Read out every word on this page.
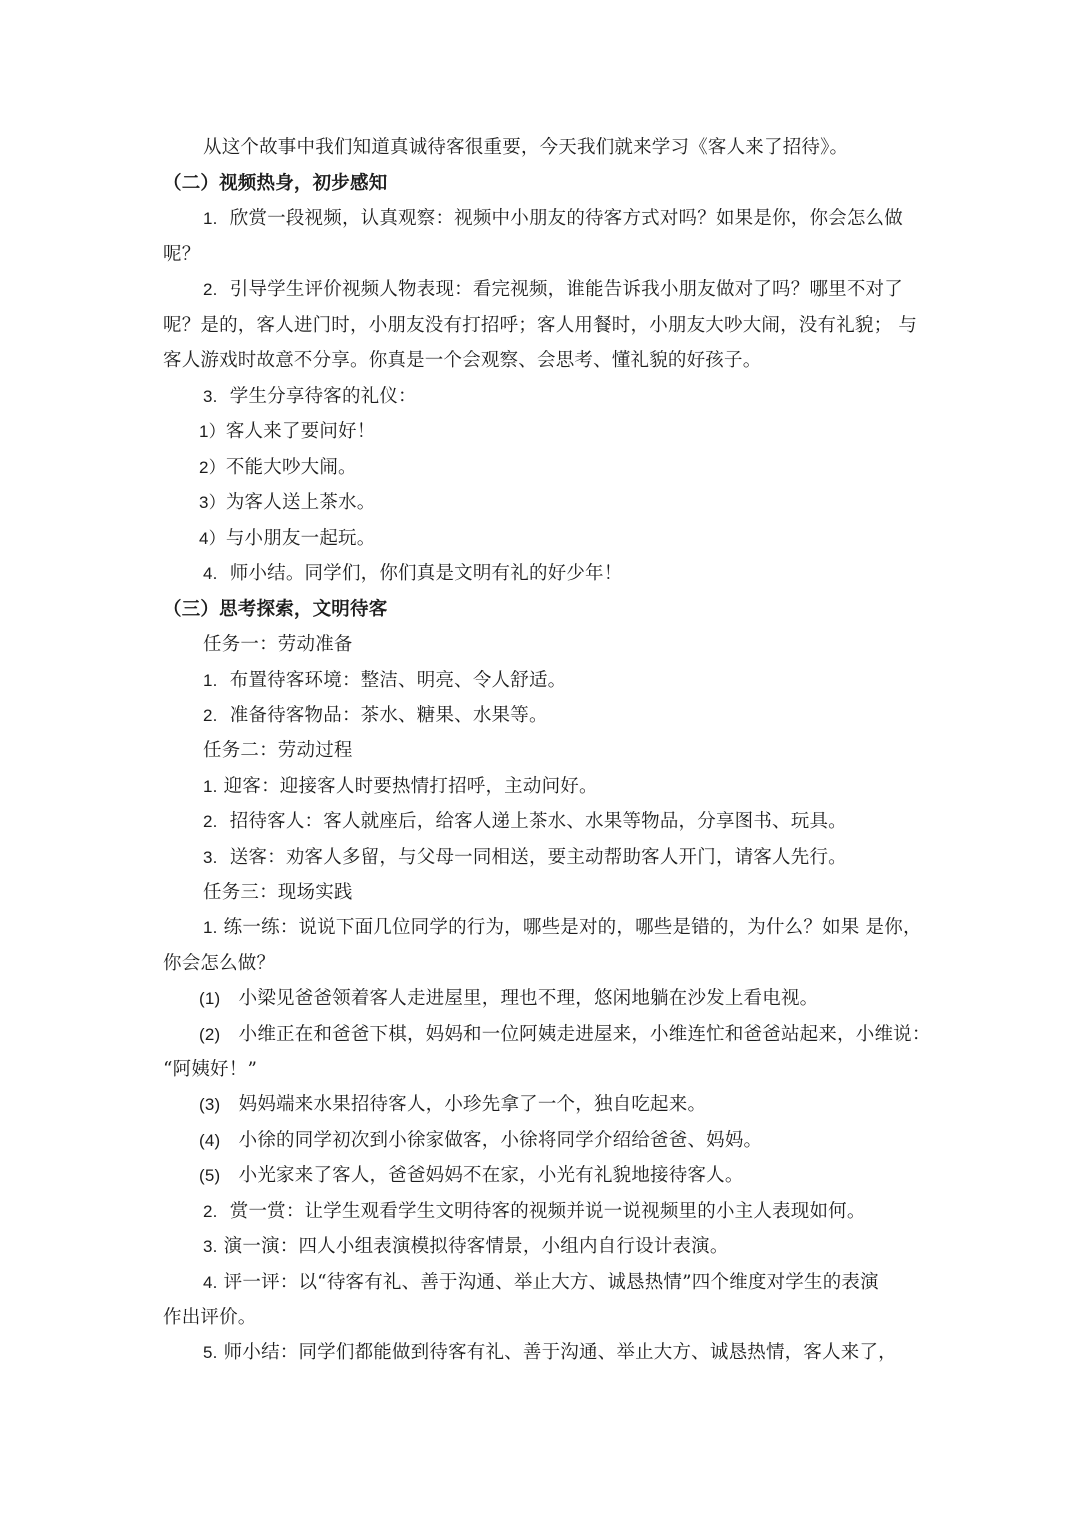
从这个故事中我们知道真诚待客很重要，今天我们就来学习《客人来了招待》。
（二）视频热身，初步感知
1. 欣赏一段视频，认真观察：视频中小朋友的待客方式对吗？如果是你，你会怎么做
呢？
2. 引导学生评价视频人物表现：看完视频，谁能告诉我小朋友做对了吗？哪里不对了
呢？是的，客人进门时，小朋友没有打招呼；客人用餐时，小朋友大吵大闹，没有礼貌； 与
客人游戏时故意不分享。你真是一个会观察、会思考、懂礼貌的好孩子。
3. 学生分享待客的礼仪：
1）客人来了要问好！
2）不能大吵大闹。
3）为客人送上茶水。
4）与小朋友一起玩。
4. 师小结。同学们，你们真是文明有礼的好少年！
（三）思考探索，文明待客
任务一：劳动准备
1. 布置待客环境：整洁、明亮、令人舒适。
2. 准备待客物品：茶水、糖果、水果等。
任务二：劳动过程
1. 迎客：迎接客人时要热情打招呼，主动问好。
2. 招待客人：客人就座后，给客人递上茶水、水果等物品，分享图书、玩具。
3. 送客：劝客人多留，与父母一同相送，要主动帮助客人开门，请客人先行。
任务三：现场实践
1. 练一练：说说下面几位同学的行为，哪些是对的，哪些是错的，为什么？如果 是你，
你会怎么做？
(1) 小梁见爸爸领着客人走进屋里，理也不理，悠闲地躺在沙发上看电视。
(2) 小维正在和爸爸下棋，妈妈和一位阿姨走进屋来，小维连忙和爸爸站起来，小维说：
“阿姨好！”
(3) 妈妈端来水果招待客人，小珍先拿了一个，独自吃起来。
(4) 小徐的同学初次到小徐家做客，小徐将同学介绍给爸爸、妈妈。
(5) 小光家来了客人，爸爸妈妈不在家，小光有礼貌地接待客人。
2. 赏一赏：让学生观看学生文明待客的视频并说一说视频里的小主人表现如何。
3. 演一演：四人小组表演模拟待客情景，小组内自行设计表演。
4. 评一评：以“待客有礼、善于沟通、举止大方、诚恳热情”四个维度对学生的表演
作出评价。
5. 师小结：同学们都能做到待客有礼、善于沟通、举止大方、诚恳热情，客人来了，
